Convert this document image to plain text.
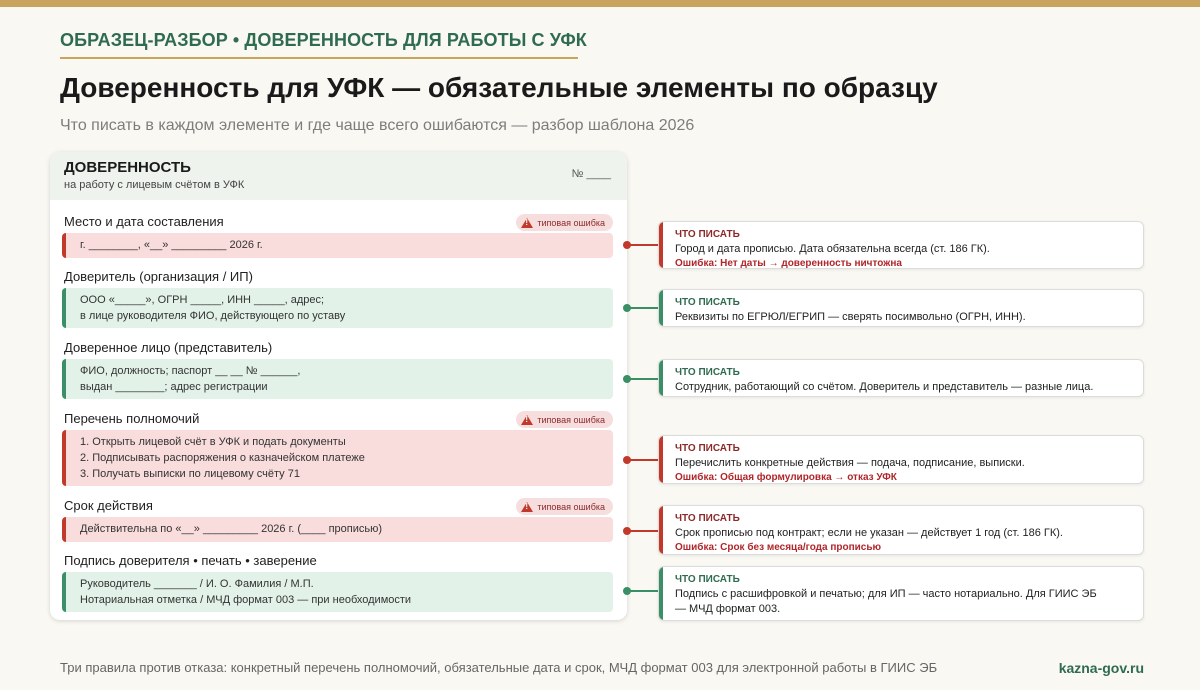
ОБРАЗЕЦ-РАЗБОР • ДОВЕРЕННОСТЬ ДЛЯ РАБОТЫ С УФК
Доверенность для УФК — обязательные элементы по образцу
Что писать в каждом элементе и где чаще всего ошибаются — разбор шаблона 2026
ДОВЕРЕННОСТЬ
на работу с лицевым счётом в УФК
№ ____
Место и дата составления !	типовая ошибка
г. ________, «__» _________ 2026 г.
Доверитель (организация / ИП)
ООО «_____», ОГРН _____, ИНН _____, адрес;
в лице руководителя ФИО, действующего по уставу
Доверенное лицо (представитель)
ФИО, должность; паспорт __ __ № ______,
выдан ________; адрес регистрации
Перечень полномочий !	типовая ошибка
1. Открыть лицевой счёт в УФК и подать документы
2. Подписывать распоряжения о казначейском платеже
3. Получать выписки по лицевому счёту 71
Срок действия !	типовая ошибка
Действительна по «__» _________ 2026 г. (____ прописью)
Подпись доверителя • печать • заверение
Руководитель _______ / И. О. Фамилия / М.П.
Нотариальная отметка / МЧД формат 003 — при необходимости
ЧТО ПИСАТЬ
Город и дата прописью. Дата обязательна всегда (ст. 186 ГК).
Ошибка: Нет даты → доверенность ничтожна
ЧТО ПИСАТЬ
Реквизиты по ЕГРЮЛ/ЕГРИП — сверять посимвольно (ОГРН, ИНН).
ЧТО ПИСАТЬ
Сотрудник, работающий со счётом. Доверитель и представитель — разные лица.
ЧТО ПИСАТЬ
Перечислить конкретные действия — подача, подписание, выписки.
Ошибка: Общая формулировка → отказ УФК
ЧТО ПИСАТЬ
Срок прописью под контракт; если не указан — действует 1 год (ст. 186 ГК).
Ошибка: Срок без месяца/года прописью
ЧТО ПИСАТЬ
Подпись с расшифровкой и печатью; для ИП — часто нотариально. Для ГИИС ЭБ
— МЧД формат 003.
Три правила против отказа: конкретный перечень полномочий, обязательные дата и срок, МЧД формат 003 для электронной работы в ГИИС ЭБ	kazna-gov.ru
